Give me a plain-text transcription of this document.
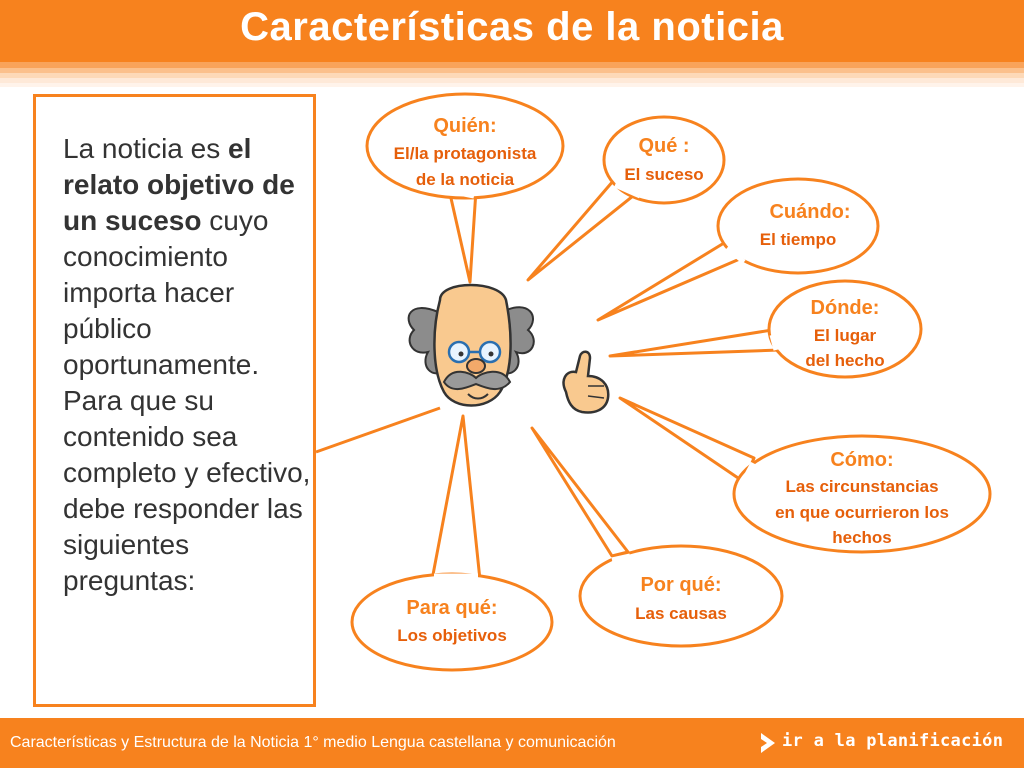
Características de la noticia
Quién:
El/la protagonista
de la noticia
Qué :
El suceso
Cuándo:
El tiempo
Dónde:
El lugar
del hecho
Cómo:
Las circunstancias
en que ocurrieron los
hechos
Por qué:
Las causas
Para qué:
Los objetivos
La noticia es el relato objetivo de un suceso cuyo conocimiento importa hacer público oportunamente. Para que su contenido sea completo y efectivo, debe responder las siguientes preguntas:
Características y Estructura de la Noticia 1° medio Lengua castellana y comunicación	ir a la planificación
